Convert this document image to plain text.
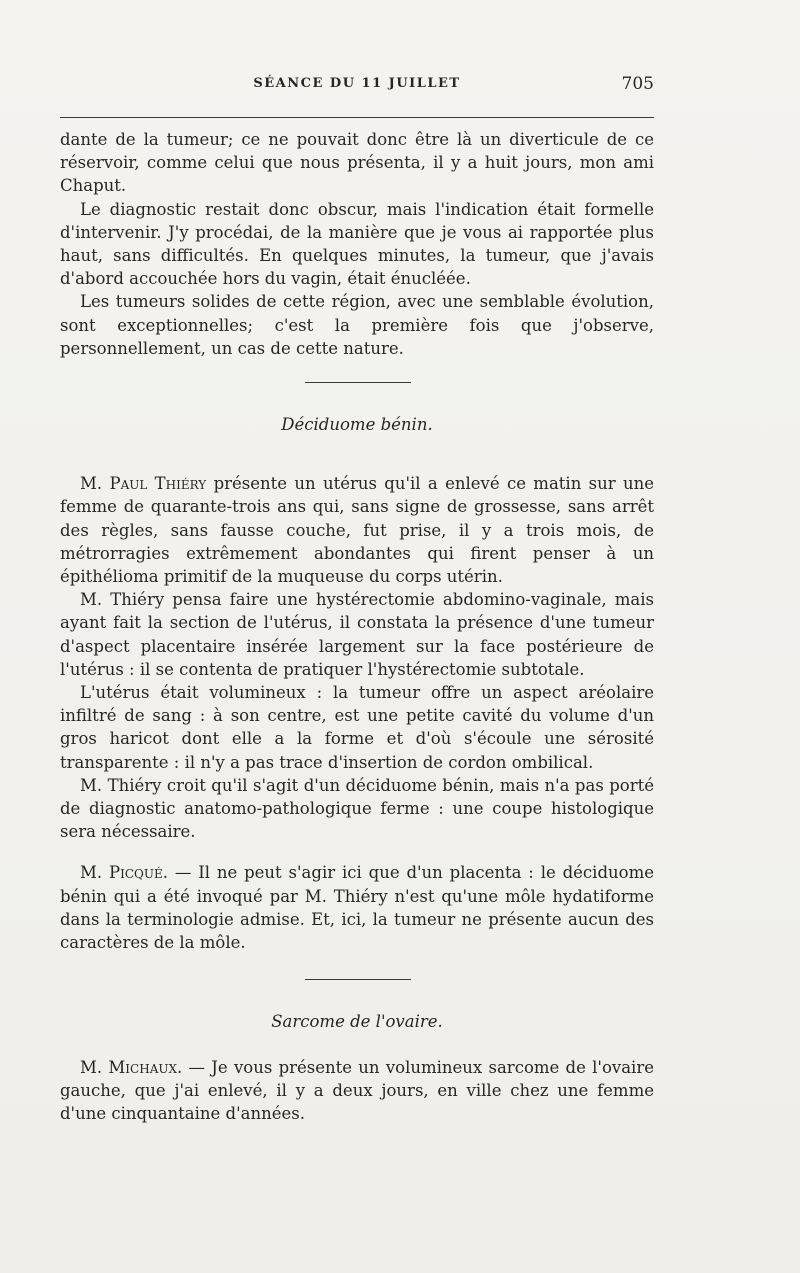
SÉANCE DU 11 JUILLET	705

dante de la tumeur; ce ne pouvait donc être là un diverticule de ce réservoir, comme celui que nous présenta, il y a huit jours, mon ami Chaput.

Le diagnostic restait donc obscur, mais l'indication était formelle d'intervenir. J'y procédai, de la manière que je vous ai rapportée plus haut, sans difficultés. En quelques minutes, la tumeur, que j'avais d'abord accouchée hors du vagin, était énucléée.

Les tumeurs solides de cette région, avec une semblable évolution, sont exceptionnelles; c'est la première fois que j'observe, personnellement, un cas de cette nature.

Déciduome bénin.

M. Paul Thiéry présente un utérus qu'il a enlevé ce matin sur une femme de quarante-trois ans qui, sans signe de grossesse, sans arrêt des règles, sans fausse couche, fut prise, il y a trois mois, de métrorragies extrêmement abondantes qui firent penser à un épithélioma primitif de la muqueuse du corps utérin.

M. Thiéry pensa faire une hystérectomie abdomino-vaginale, mais ayant fait la section de l'utérus, il constata la présence d'une tumeur d'aspect placentaire insérée largement sur la face postérieure de l'utérus : il se contenta de pratiquer l'hystérectomie subtotale.

L'utérus était volumineux : la tumeur offre un aspect aréolaire infiltré de sang : à son centre, est une petite cavité du volume d'un gros haricot dont elle a la forme et d'où s'écoule une sérosité transparente : il n'y a pas trace d'insertion de cordon ombilical.

M. Thiéry croit qu'il s'agit d'un déciduome bénin, mais n'a pas porté de diagnostic anatomo-pathologique ferme : une coupe histologique sera nécessaire.

M. Picqué. — Il ne peut s'agir ici que d'un placenta : le déciduome bénin qui a été invoqué par M. Thiéry n'est qu'une môle hydatiforme dans la terminologie admise. Et, ici, la tumeur ne présente aucun des caractères de la môle.

Sarcome de l'ovaire.

M. Michaux. — Je vous présente un volumineux sarcome de l'ovaire gauche, que j'ai enlevé, il y a deux jours, en ville chez une femme d'une cinquantaine d'années.
